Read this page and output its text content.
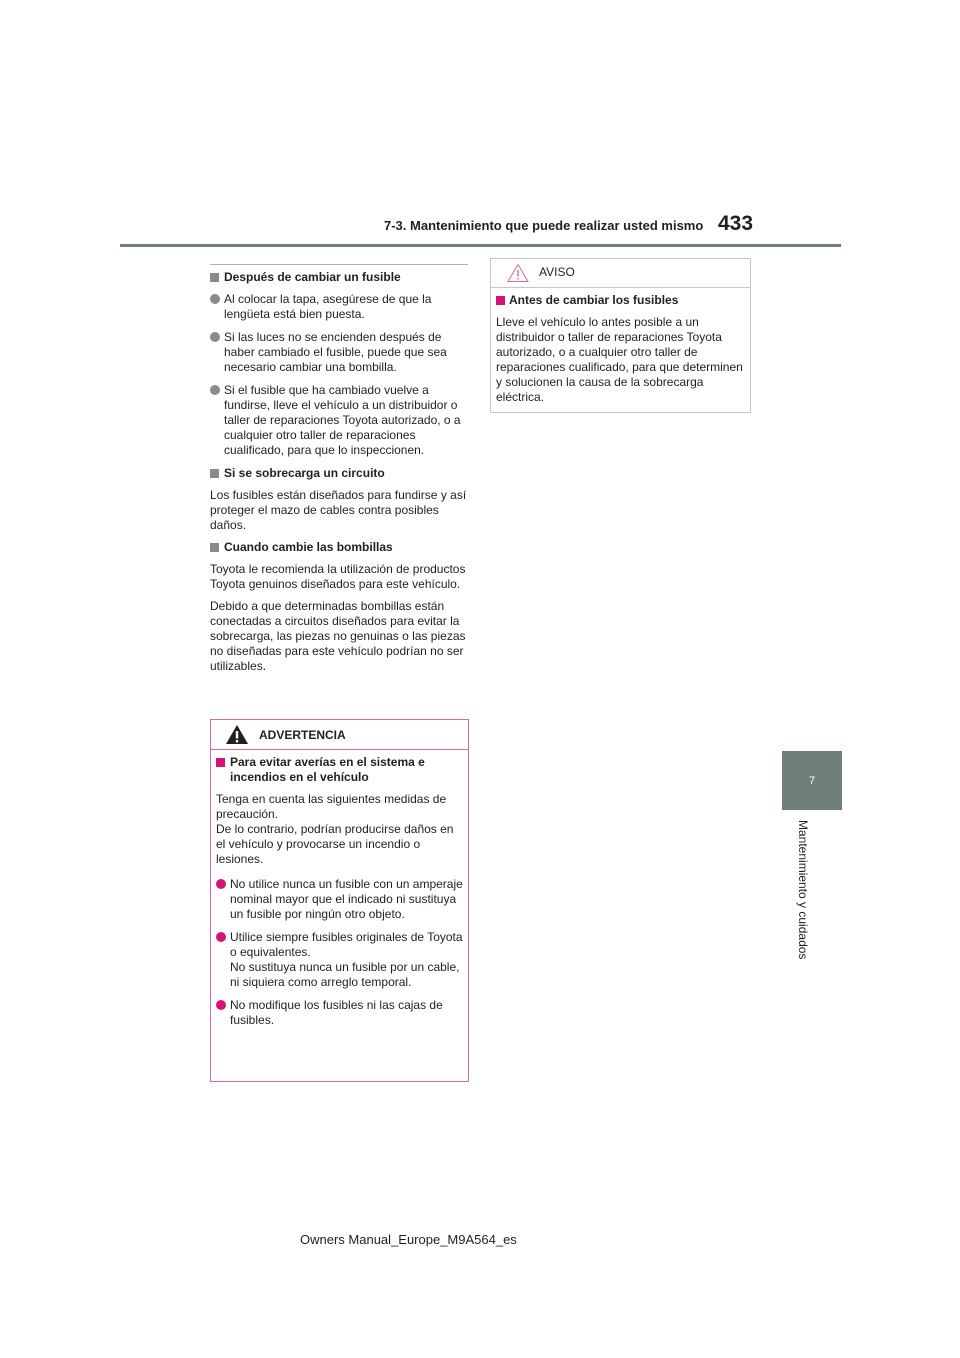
7-3. Mantenimiento que puede realizar usted mismo 433
7
Mantenimiento y cuidados

Después de cambiar un fusible

Al colocar la tapa, asegúrese de que la lengüeta está bien puesta.
Si las luces no se encienden después de haber cambiado el fusible, puede que sea necesario cambiar una bombilla.
Si el fusible que ha cambiado vuelve a fundirse, lleve el vehículo a un distribuidor o taller de reparaciones Toyota autorizado, o a cualquier otro taller de reparaciones cualificado, para que lo inspeccionen.

Si se sobrecarga un circuito

Los fusibles están diseñados para fundirse y así proteger el mazo de cables contra posibles daños.

Cuando cambie las bombillas

Toyota le recomienda la utilización de productos Toyota genuinos diseñados para este vehículo.

Debido a que determinadas bombillas están conectadas a circuitos diseñados para evitar la sobrecarga, las piezas no genuinas o las piezas no diseñadas para este vehículo podrían no ser utilizables.

ADVERTENCIA

Para evitar averías en el sistema e incendios en el vehículo

Tenga en cuenta las siguientes medidas de precaución.
De lo contrario, podrían producirse daños en el vehículo y provocarse un incendio o lesiones.

No utilice nunca un fusible con un amperaje nominal mayor que el indicado ni sustituya un fusible por ningún otro objeto.
Utilice siempre fusibles originales de Toyota o equivalentes.
No sustituya nunca un fusible por un cable, ni siquiera como arreglo temporal.
No modifique los fusibles ni las cajas de fusibles.
AVISO

Antes de cambiar los fusibles

Lleve el vehículo lo antes posible a un distribuidor o taller de reparaciones Toyota autorizado, o a cualquier otro taller de reparaciones cualificado, para que determinen y solucionen la causa de la sobrecarga eléctrica.

Owners Manual_Europe_M9A564_es
